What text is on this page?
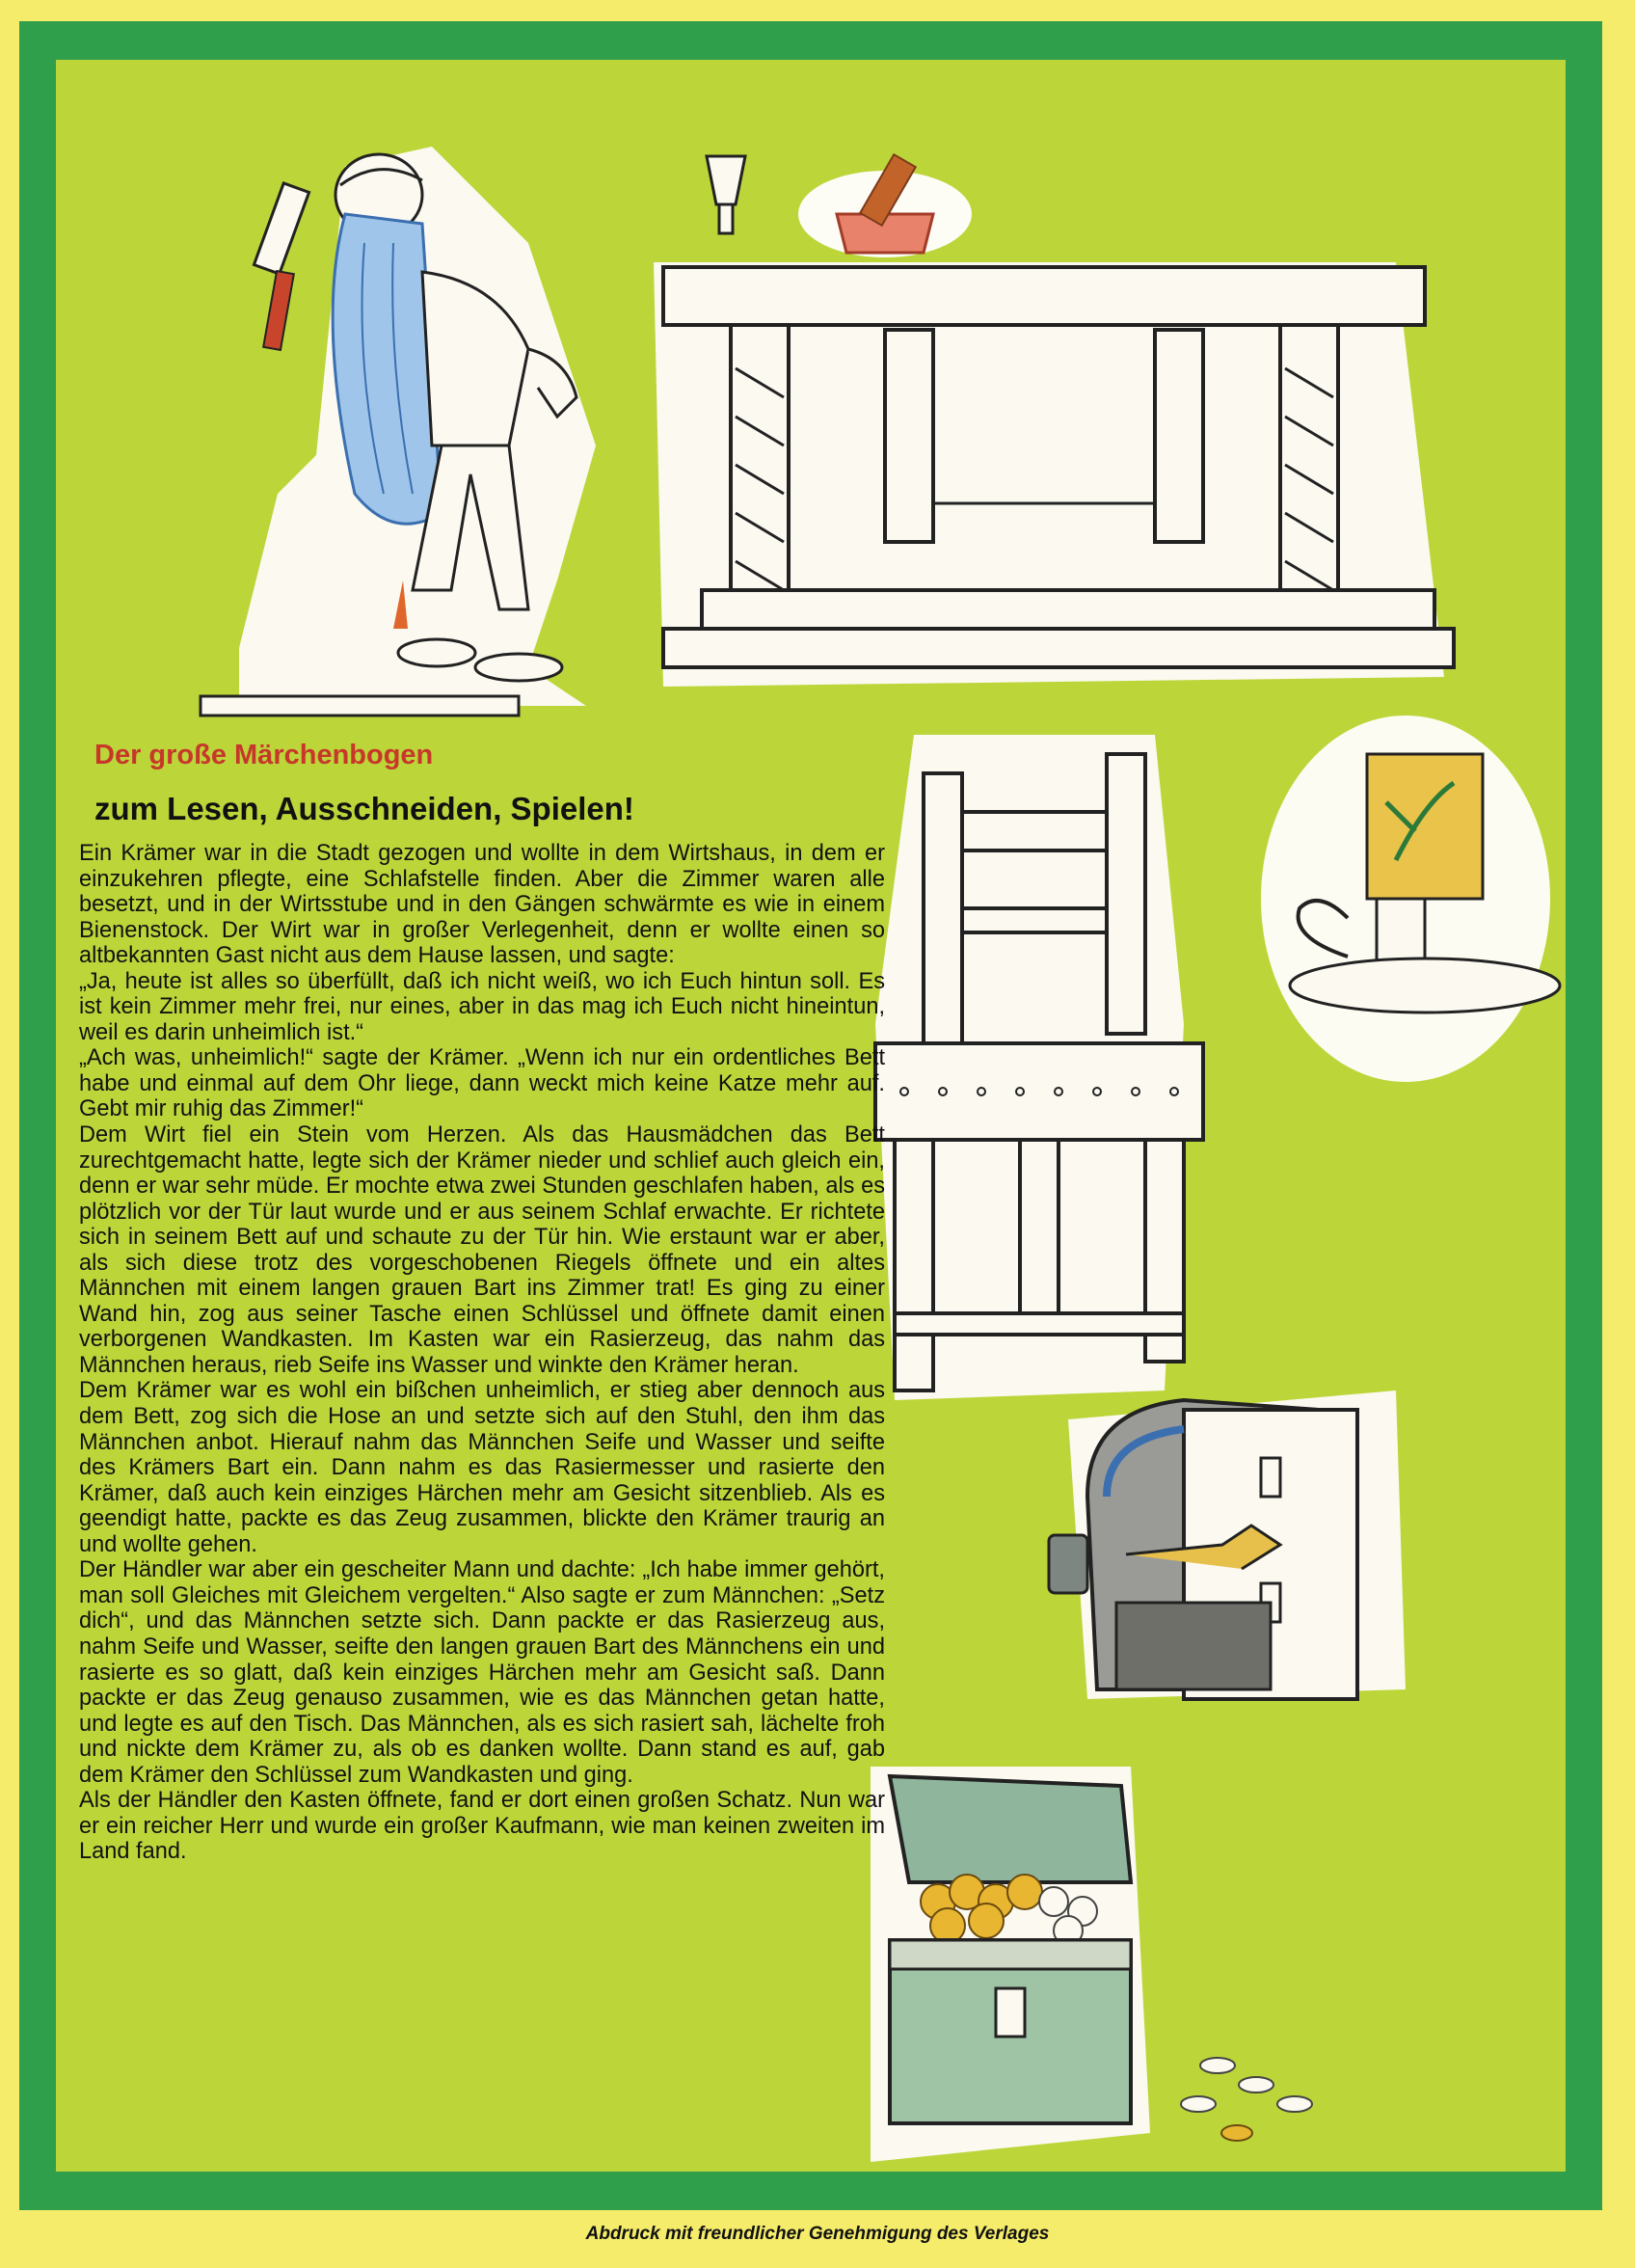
Der große Märchenbogen
zum Lesen, Ausschneiden, Spielen!

Ein Krämer war in die Stadt gezogen und wollte in dem Wirtshaus, in dem er einzukehren pflegte, eine Schlafstelle finden. Aber die Zimmer waren alle besetzt, und in der Wirtsstube und in den Gängen schwärmte es wie in einem Bienenstock. Der Wirt war in großer Verlegenheit, denn er wollte einen so altbekannten Gast nicht aus dem Hause lassen, und sagte:

„Ja, heute ist alles so überfüllt, daß ich nicht weiß, wo ich Euch hintun soll. Es ist kein Zimmer mehr frei, nur eines, aber in das mag ich Euch nicht hineintun, weil es darin unheimlich ist.“

„Ach was, unheimlich!“ sagte der Krämer. „Wenn ich nur ein ordentliches Bett habe und einmal auf dem Ohr liege, dann weckt mich keine Katze mehr auf. Gebt mir ruhig das Zimmer!“

Dem Wirt fiel ein Stein vom Herzen. Als das Hausmädchen das Bett zurechtgemacht hatte, legte sich der Krämer nieder und schlief auch gleich ein, denn er war sehr müde. Er mochte etwa zwei Stunden geschlafen haben, als es plötzlich vor der Tür laut wurde und er aus seinem Schlaf erwachte. Er richtete sich in seinem Bett auf und schaute zu der Tür hin. Wie erstaunt war er aber, als sich diese trotz des vorgeschobenen Riegels öffnete und ein altes Männchen mit einem langen grauen Bart ins Zimmer trat! Es ging zu einer Wand hin, zog aus seiner Tasche einen Schlüssel und öffnete damit einen verborgenen Wandkasten. Im Kasten war ein Rasierzeug, das nahm das Männchen heraus, rieb Seife ins Wasser und winkte den Krämer heran.

Dem Krämer war es wohl ein bißchen unheimlich, er stieg aber dennoch aus dem Bett, zog sich die Hose an und setzte sich auf den Stuhl, den ihm das Männchen anbot. Hierauf nahm das Männchen Seife und Wasser und seifte des Krämers Bart ein. Dann nahm es das Rasiermesser und rasierte den Krämer, daß auch kein einziges Härchen mehr am Gesicht sitzenblieb. Als es geendigt hatte, packte es das Zeug zusammen, blickte den Krämer traurig an und wollte gehen.

Der Händler war aber ein gescheiter Mann und dachte: „Ich habe immer gehört, man soll Gleiches mit Gleichem vergelten.“ Also sagte er zum Männchen: „Setz dich“, und das Männchen setzte sich. Dann packte er das Rasierzeug aus, nahm Seife und Wasser, seifte den langen grauen Bart des Männchens ein und rasierte es so glatt, daß kein einziges Härchen mehr am Gesicht saß. Dann packte er das Zeug genauso zusammen, wie es das Männchen getan hatte, und legte es auf den Tisch. Das Männchen, als es sich rasiert sah, lächelte froh und nickte dem Krämer zu, als ob es danken wollte. Dann stand es auf, gab dem Krämer den Schlüssel zum Wandkasten und ging.

Als der Händler den Kasten öffnete, fand er dort einen großen Schatz. Nun war er ein reicher Herr und wurde ein großer Kaufmann, wie man keinen zweiten im Land fand.

Abdruck mit freundlicher Genehmigung des Verlages
